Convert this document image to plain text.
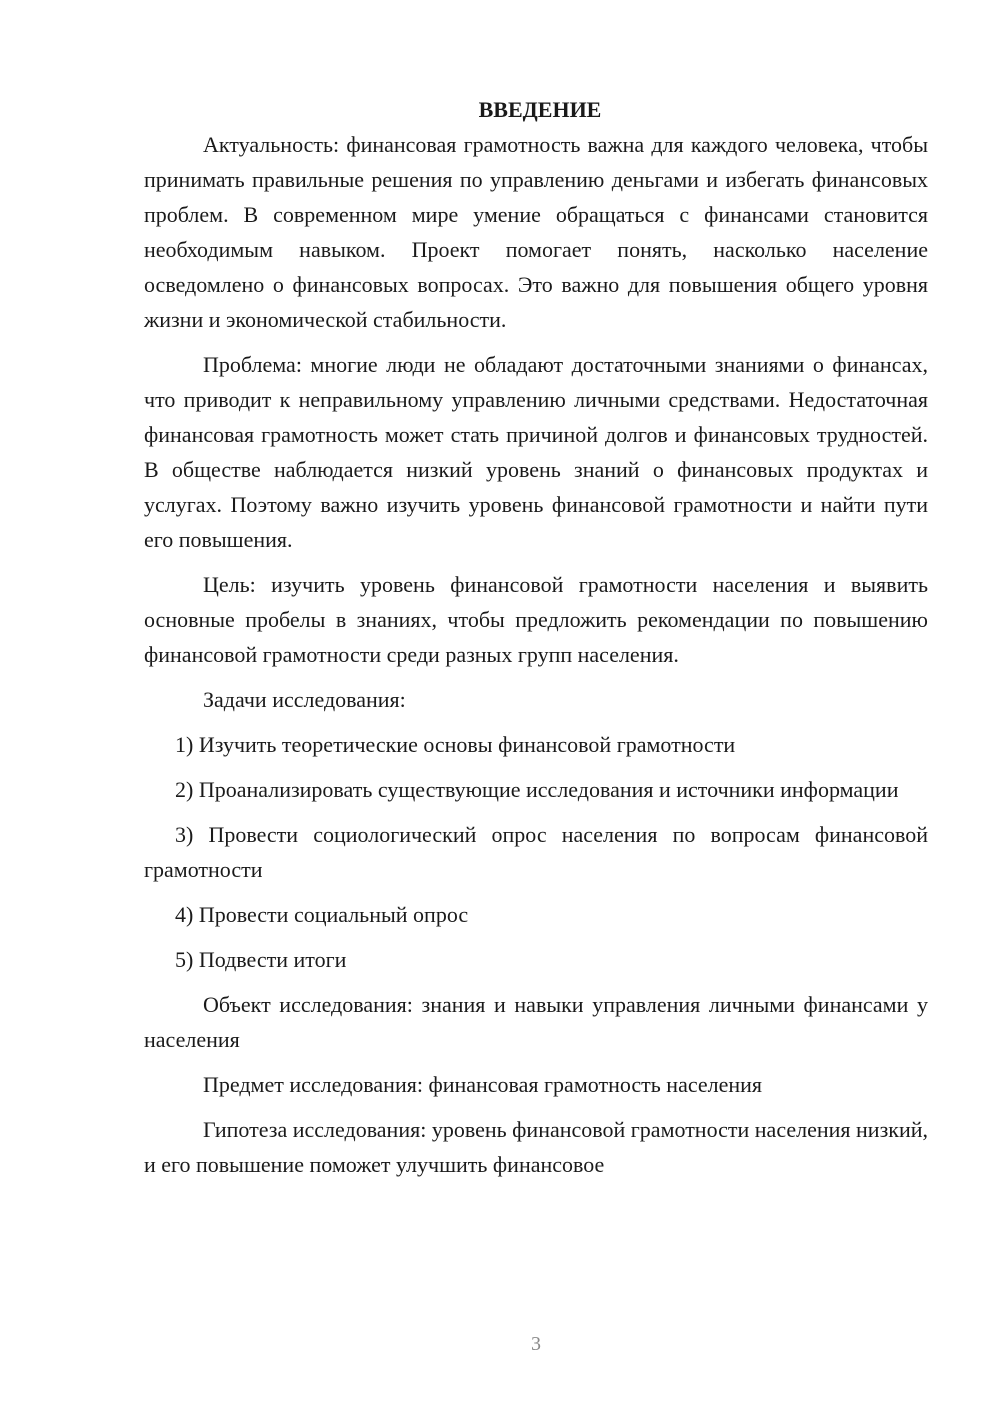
ВВЕДЕНИЕ

Актуальность: финансовая грамотность важна для каждого человека, чтобы принимать правильные решения по управлению деньгами и избегать финансовых проблем. В современном мире умение обращаться с финансами становится необходимым навыком. Проект помогает понять, насколько население осведомлено о финансовых вопросах. Это важно для повышения общего уровня жизни и экономической стабильности.

Проблема: многие люди не обладают достаточными знаниями о финансах, что приводит к неправильному управлению личными средствами. Недостаточная финансовая грамотность может стать причиной долгов и финансовых трудностей. В обществе наблюдается низкий уровень знаний о финансовых продуктах и услугах. Поэтому важно изучить уровень финансовой грамотности и найти пути его повышения.

Цель: изучить уровень финансовой грамотности населения и выявить основные пробелы в знаниях, чтобы предложить рекомендации по повышению финансовой грамотности среди разных групп населения.

Задачи исследования:

1) Изучить теоретические основы финансовой грамотности

2) Проанализировать существующие исследования и источники информации

3) Провести социологический опрос населения по вопросам финансовой грамотности

4) Провести социальный опрос

5) Подвести итоги

Объект исследования: знания и навыки управления личными финансами у населения

Предмет исследования: финансовая грамотность населения

Гипотеза исследования: уровень финансовой грамотности населения низкий, и его повышение поможет улучшить финансовое

3
